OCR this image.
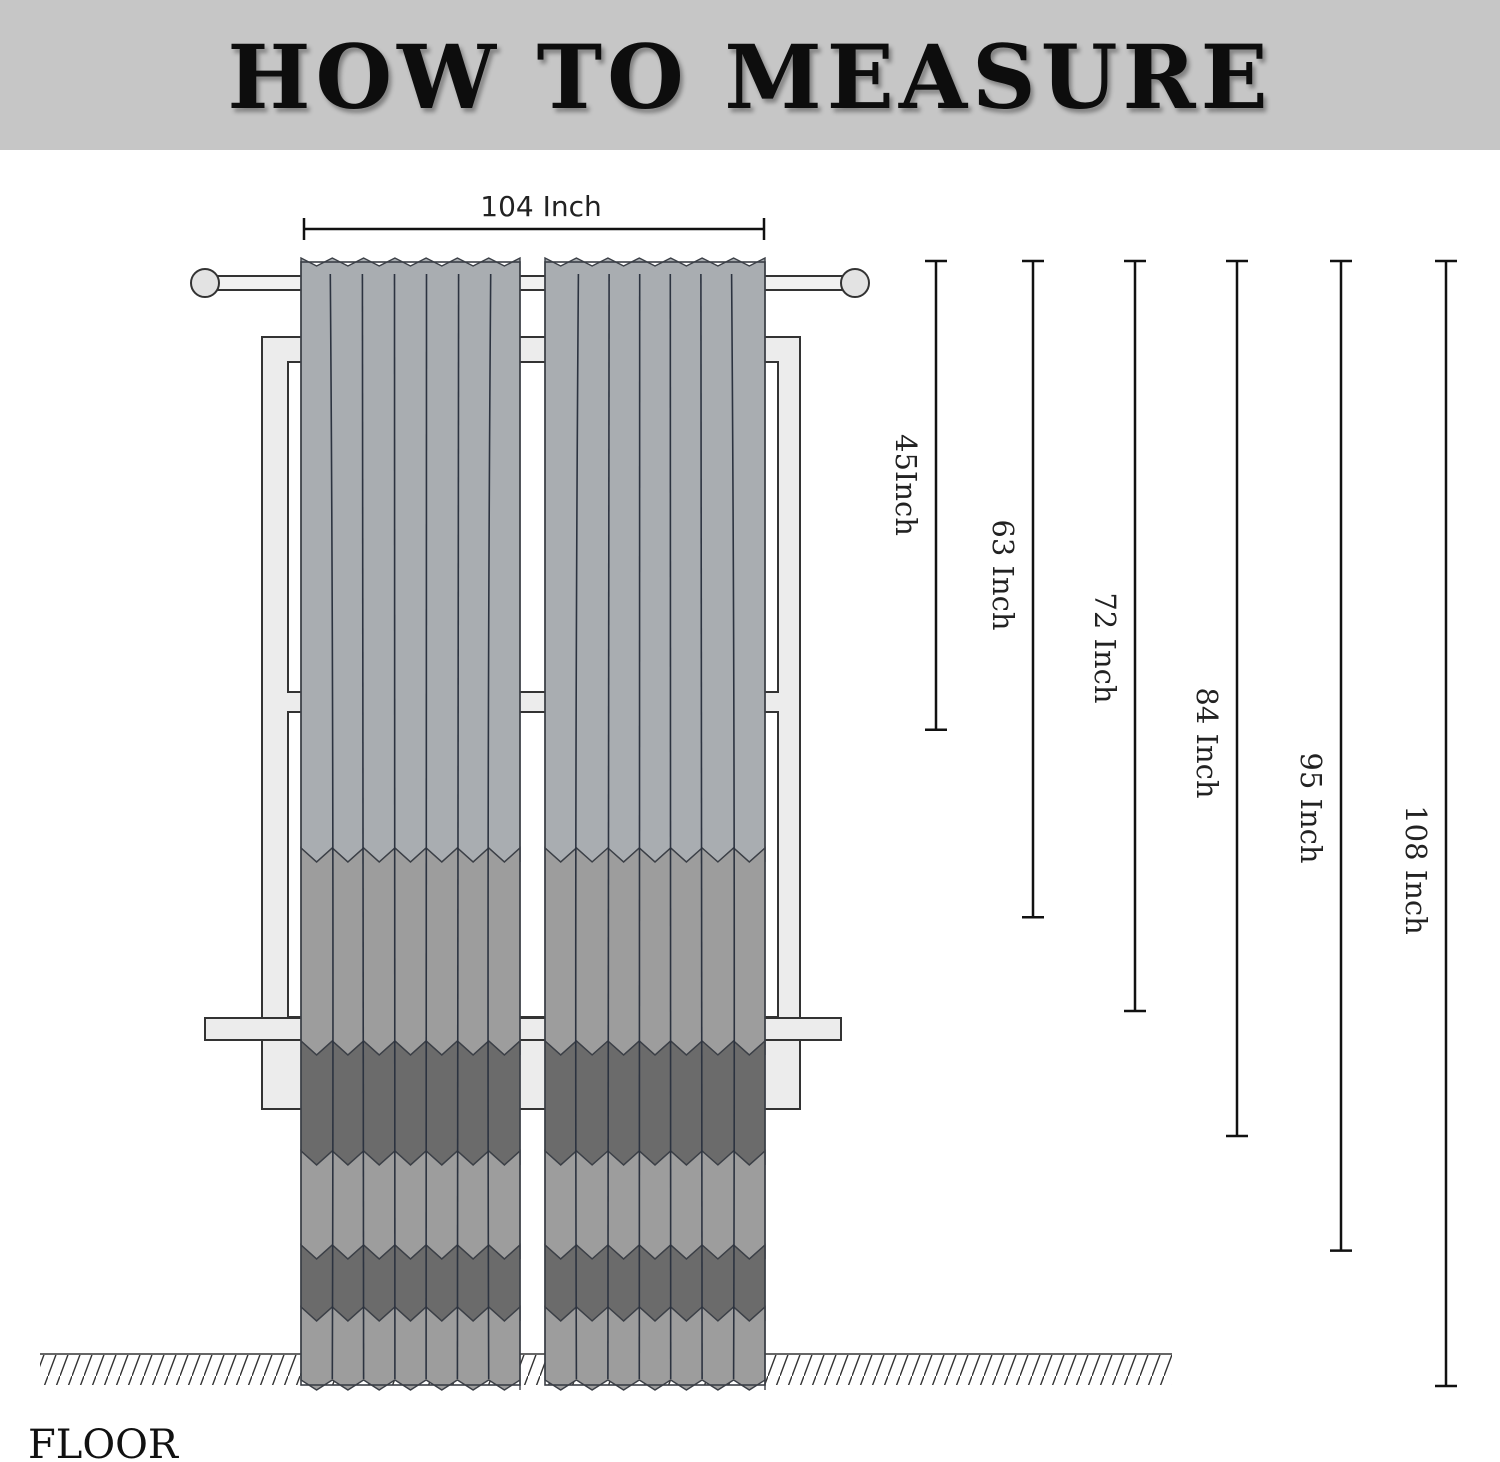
HOW TO MEASURE
104 Inch
45Inch
63 Inch
72 Inch
84 Inch
95 Inch 108 Inch
FLOOR
